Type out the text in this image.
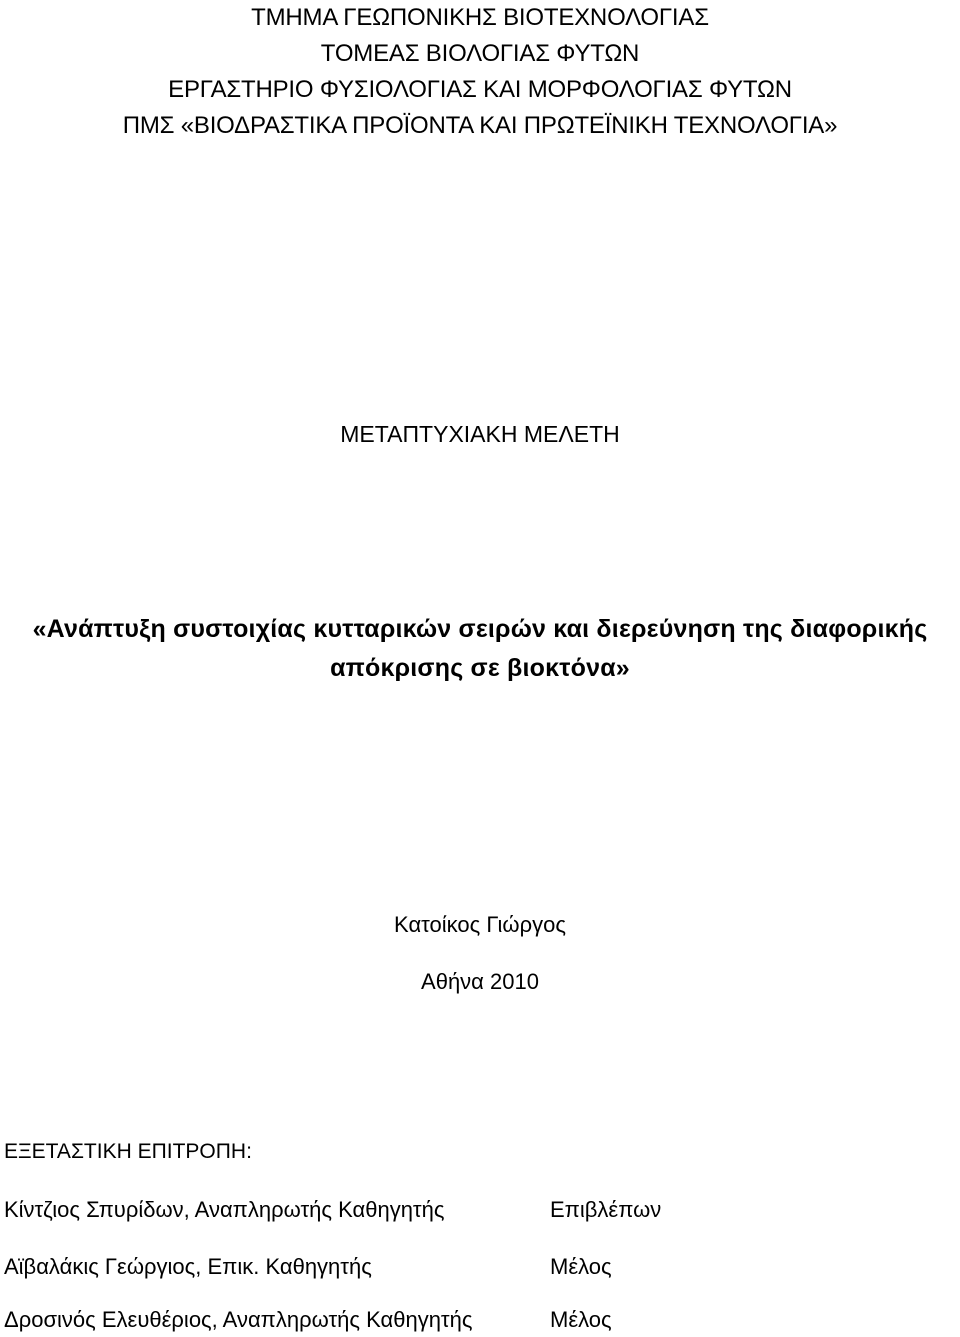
ΤΜΗΜΑ ΓΕΩΠΟΝΙΚΗΣ ΒΙΟΤΕΧΝΟΛΟΓΙΑΣ
ΤΟΜΕΑΣ ΒΙΟΛΟΓΙΑΣ ΦΥΤΩΝ
ΕΡΓΑΣΤΗΡΙΟ ΦΥΣΙΟΛΟΓΙΑΣ ΚΑΙ ΜΟΡΦΟΛΟΓΙΑΣ ΦΥΤΩΝ
ΠΜΣ «ΒΙΟΔΡΑΣΤΙΚΑ ΠΡΟΪΟΝΤΑ ΚΑΙ ΠΡΩΤΕΪΝΙΚΗ ΤΕΧΝΟΛΟΓΙΑ»
ΜΕΤΑΠΤΥΧΙΑΚΗ ΜΕΛΕΤΗ
«Ανάπτυξη συστοιχίας κυτταρικών σειρών και διερεύνηση της διαφορικής
απόκρισης σε βιοκτόνα»
Κατοίκος Γιώργος
Αθήνα 2010
ΕΞΕΤΑΣΤΙΚΗ ΕΠΙΤΡΟΠΗ:
Κίντζιος Σπυρίδων, Αναπληρωτής Καθηγητής	Επιβλέπων
Αϊβαλάκις Γεώργιος, Επικ. Καθηγητής	Μέλος
Δροσινός Ελευθέριος, Αναπληρωτής Καθηγητής	Μέλος
